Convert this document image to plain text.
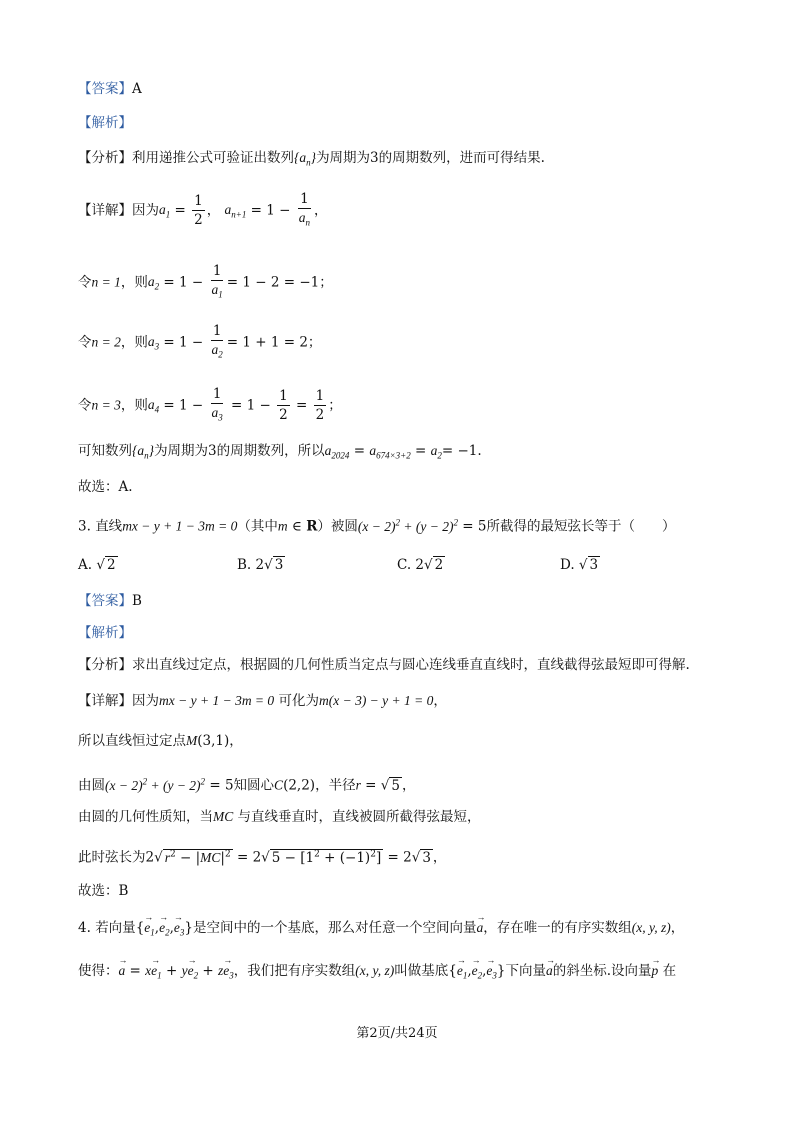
【答案】A
【解析】
【分析】利用递推公式可验证出数列$\{a_n\}$为周期为3的周期数列，进而可得结果.
【详解】因为$a_1 = \frac{1}{2}$ ， $a_{n+1} = 1 - \frac{1}{a_n}$ ，
令n = 1，则$a_2 = 1 - \frac{1}{a_1} = 1 - 2 = -1$；
令n = 2，则$a_3 = 1 - \frac{1}{a_2} = 1 + 1 = 2$；
令n = 3，则$a_4 = 1 - \frac{1}{a_3} = 1 - \frac{1}{2} = \frac{1}{2}$ ；
可知数列$\{a_n\}$为周期为3的周期数列，所以$a_{2024} = a_{674\times 3+2} = a_2= -1$.
故选：A.
3. 直线mx − y + 1 − 3m = 0（其中m ∈ R）被圆$(x - 2)^2 + (y - 2)^2 = 5$所截得的最短弦长等于（　　）
A. √ 2	B. 2√ 3	C. 2√ 2	D. √ 3
【答案】B
【解析】
【分析】求出直线过定点，根据圆的几何性质当定点与圆心连线垂直直线时，直线截得弦最短即可得解.
【详解】因为mx − y + 1 − 3m = 0 可化为m(x − 3) − y + 1 = 0，
所以直线恒过定点M(3,1)，
由圆$(x - 2)^2 + (y - 2)^2 = 5$知圆心C(2,2)，半径r = √ 5 ，
由圆的几何性质知，当MC 与直线垂直时，直线被圆所截得弦最短，
此时弦长为2√ $r^2 - |MC|^2 = 2√$ $5 - [1^2 + (-1)^2] = 2√$ 3 ，
故选：B
4. 若向量{→ $e_1,\to e_2,\to e_3$}是空间中的一个基底，那么对任意一个空间向量→ a，存在唯一的有序实数组(x, y, z)，
使得：→ $a = x\to e_1 + y\to e_2 + z\to e_3$，我们把有序实数组(x, y, z)叫做基底{→ $e_1,\to e_2,\to e_3$}下向量→ a的斜坐标.设向量→ p 在
第2页/共24页
